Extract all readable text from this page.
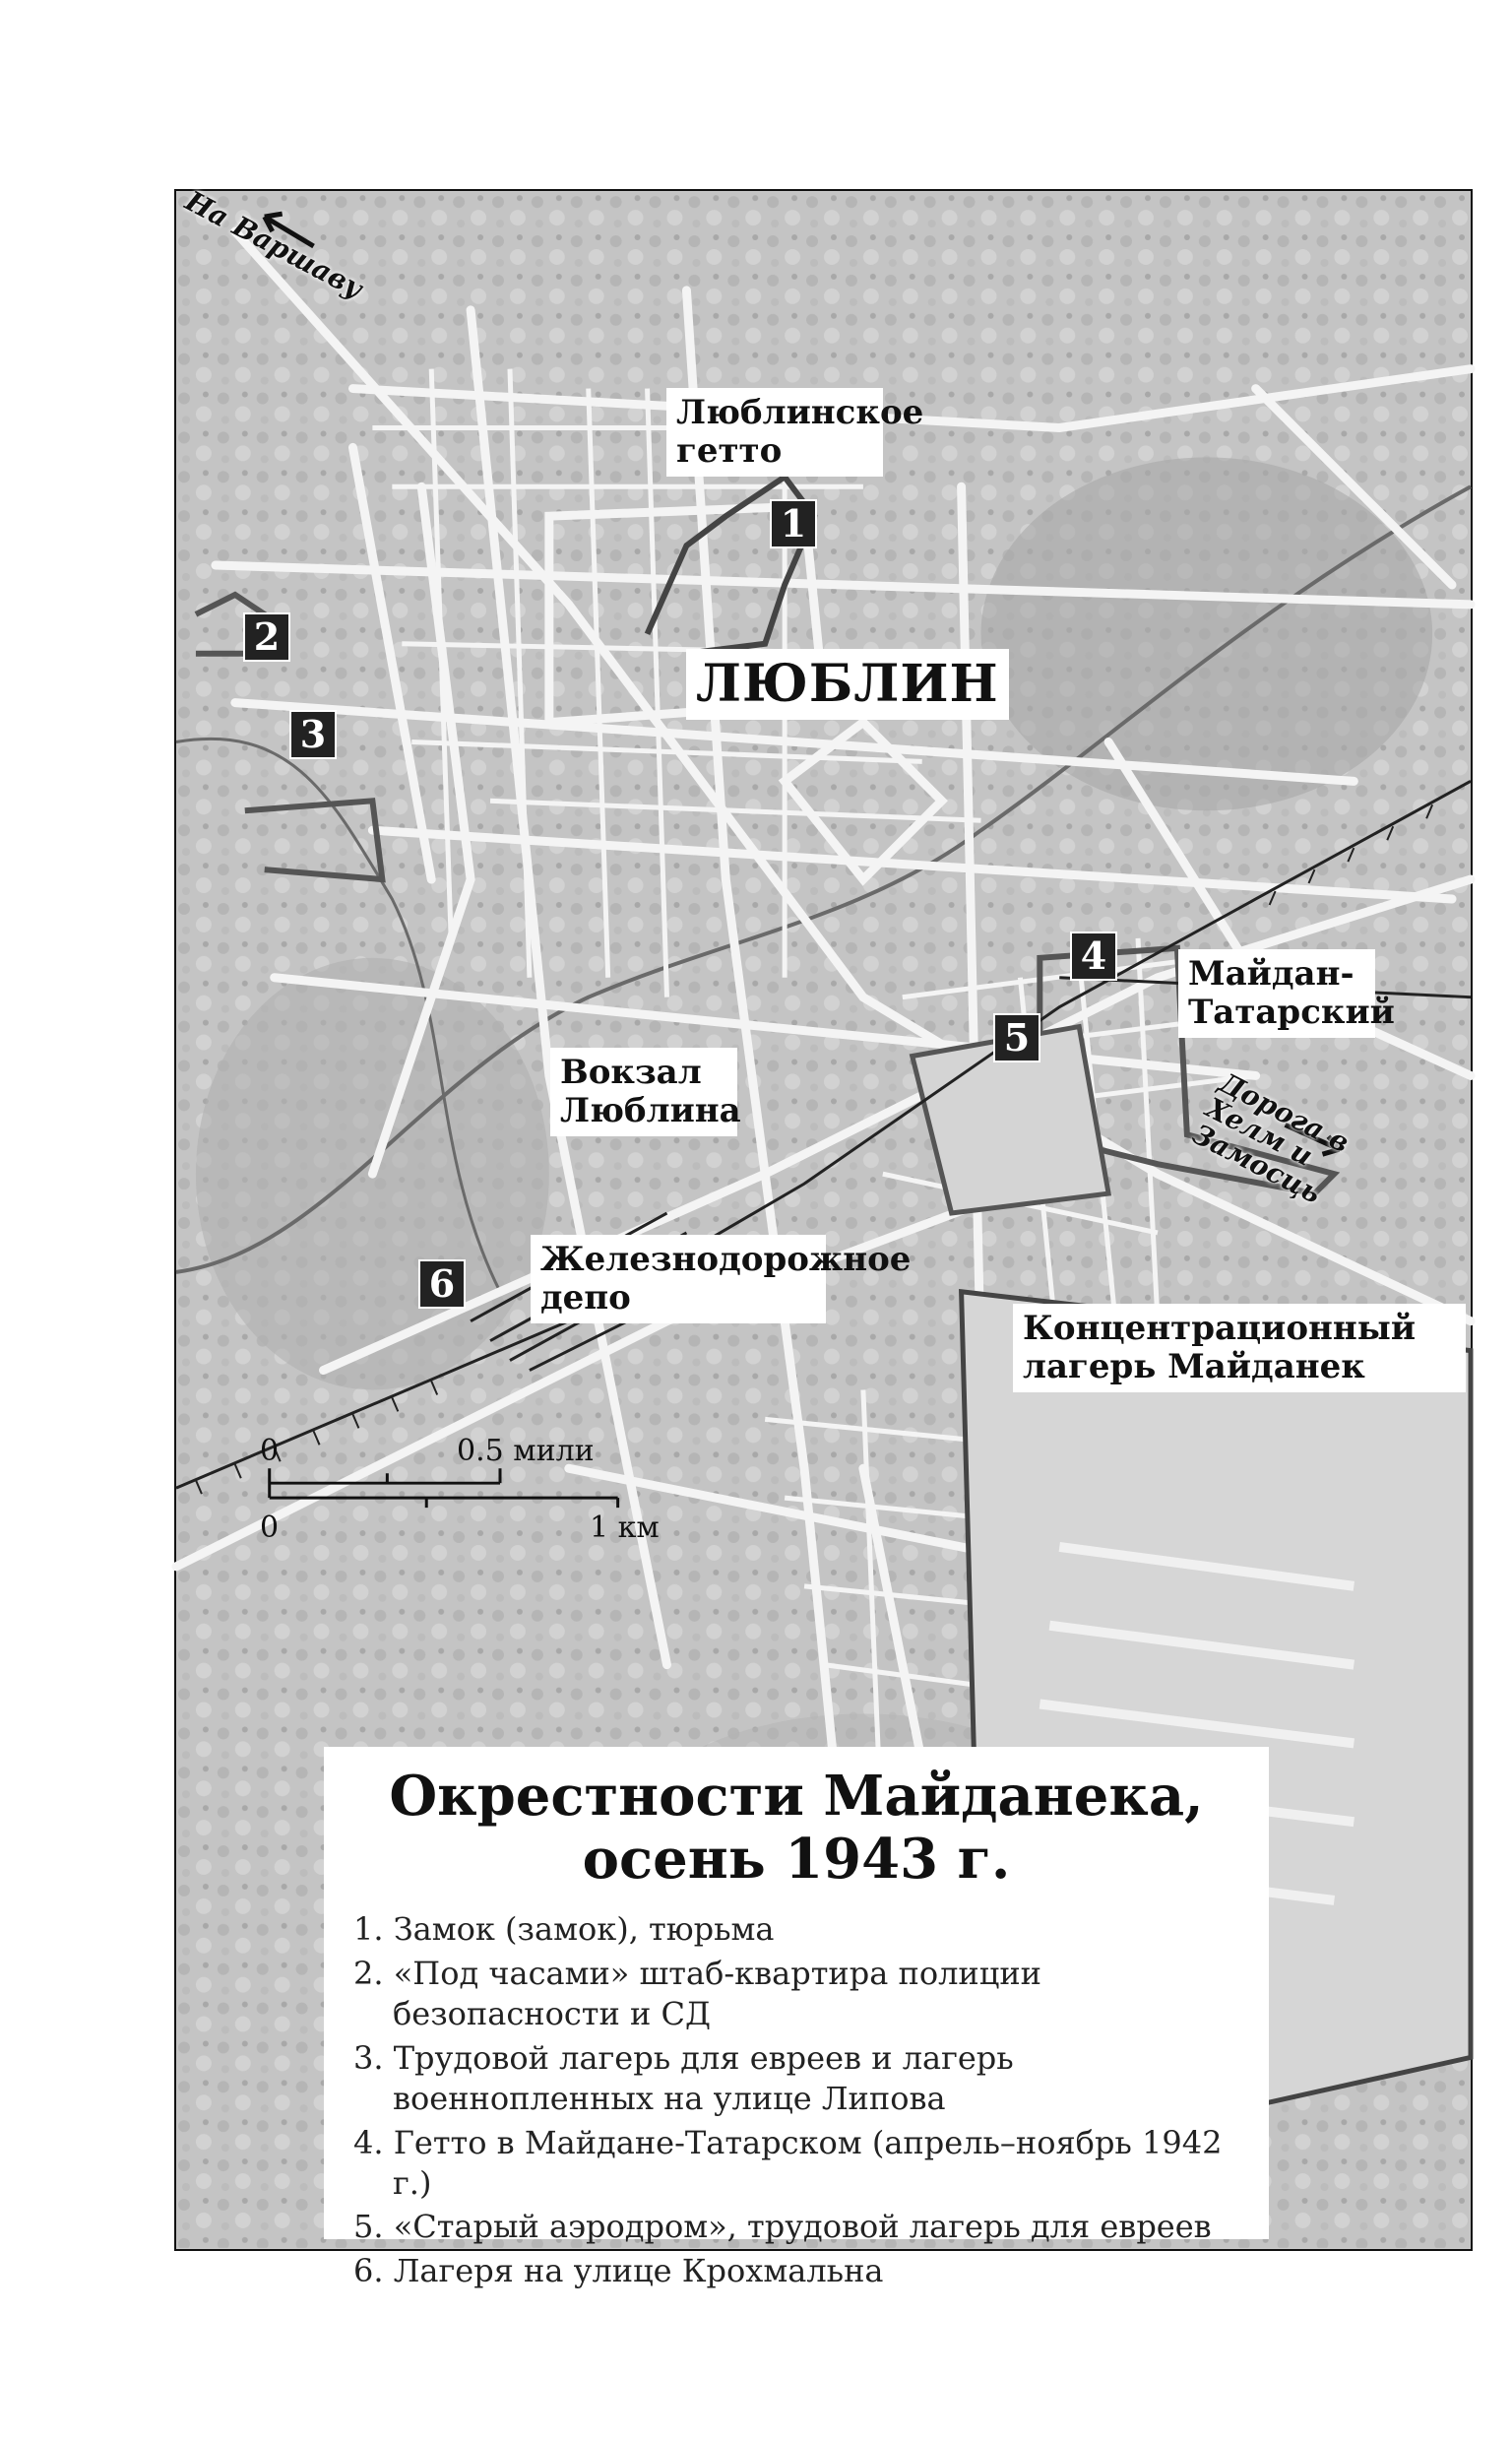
На Варшаву
Люблинское гетто
ЛЮБЛИН
Майдан-Татарский
Вокзал Люблина
Железнодорожное депо
Дорога в Хелм и Замосць
Концентрационный лагерь Майданек
1
2
3
4
5
6
0	0.5 мили
0	1 км
Окрестности Майданека, осень 1943 г.
1. Замок (замок), тюрьма
2. «Под часами» штаб-квартира полиции безопасности и СД
3. Трудовой лагерь для евреев и лагерь военнопленных на улице Липова
4. Гетто в Майдане-Татарском (апрель–ноябрь 1942 г.)
5. «Старый аэродром», трудовой лагерь для евреев
6. Лагеря на улице Крохмальна
